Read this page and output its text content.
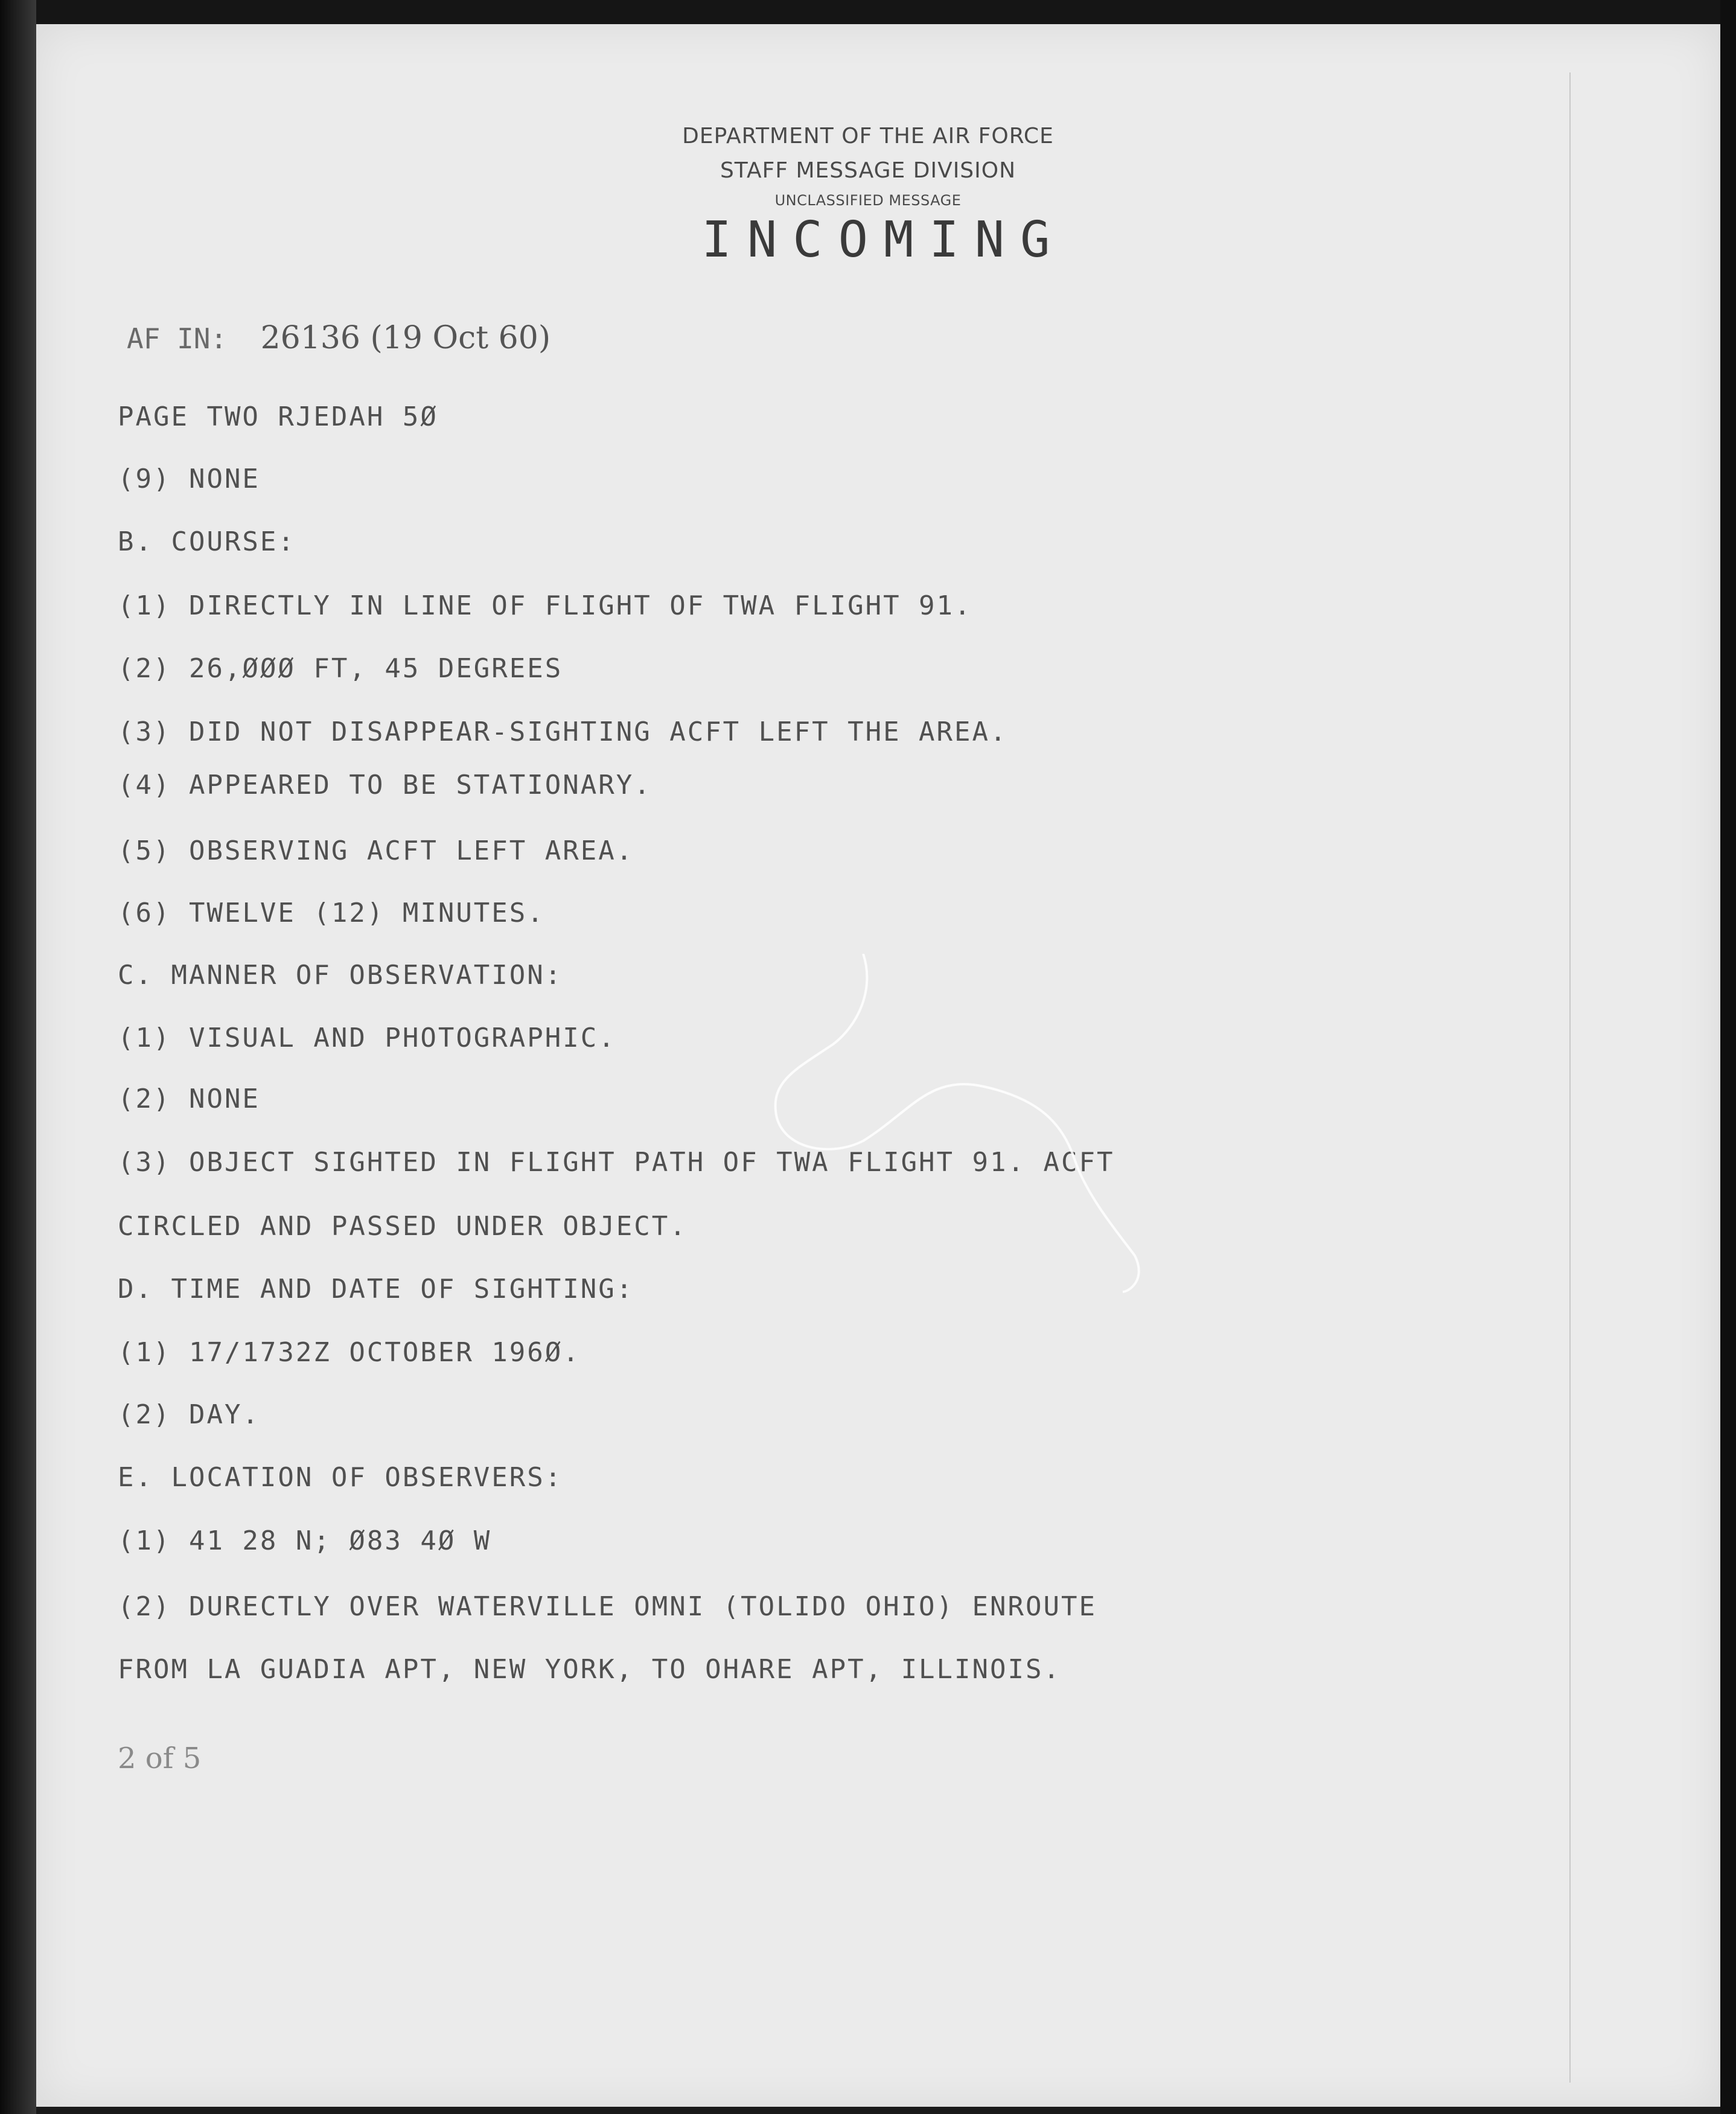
DEPARTMENT OF THE AIR FORCE
STAFF MESSAGE DIVISION
UNCLASSIFIED MESSAGE
INCOMING
AF IN: 26136 (19 Oct 60)
PAGE TWO RJEDAH 5Ø
(9) NONE
B. COURSE:
(1) DIRECTLY IN LINE OF FLIGHT OF TWA FLIGHT 91.
(2) 26,ØØØ FT, 45 DEGREES
(3) DID NOT DISAPPEAR-SIGHTING ACFT LEFT THE AREA.
(4) APPEARED TO BE STATIONARY.
(5) OBSERVING ACFT LEFT AREA.
(6) TWELVE (12) MINUTES.
C. MANNER OF OBSERVATION:
(1) VISUAL AND PHOTOGRAPHIC.
(2) NONE
(3) OBJECT SIGHTED IN FLIGHT PATH OF TWA FLIGHT 91. ACFT
CIRCLED AND PASSED UNDER OBJECT.
D. TIME AND DATE OF SIGHTING:
(1) 17/1732Z OCTOBER 196Ø.
(2) DAY.
E. LOCATION OF OBSERVERS:
(1) 41 28 N; Ø83 4Ø W
(2) DURECTLY OVER WATERVILLE OMNI (TOLIDO OHIO) ENROUTE
FROM LA GUADIA APT, NEW YORK, TO OHARE APT, ILLINOIS.
2 of 5
